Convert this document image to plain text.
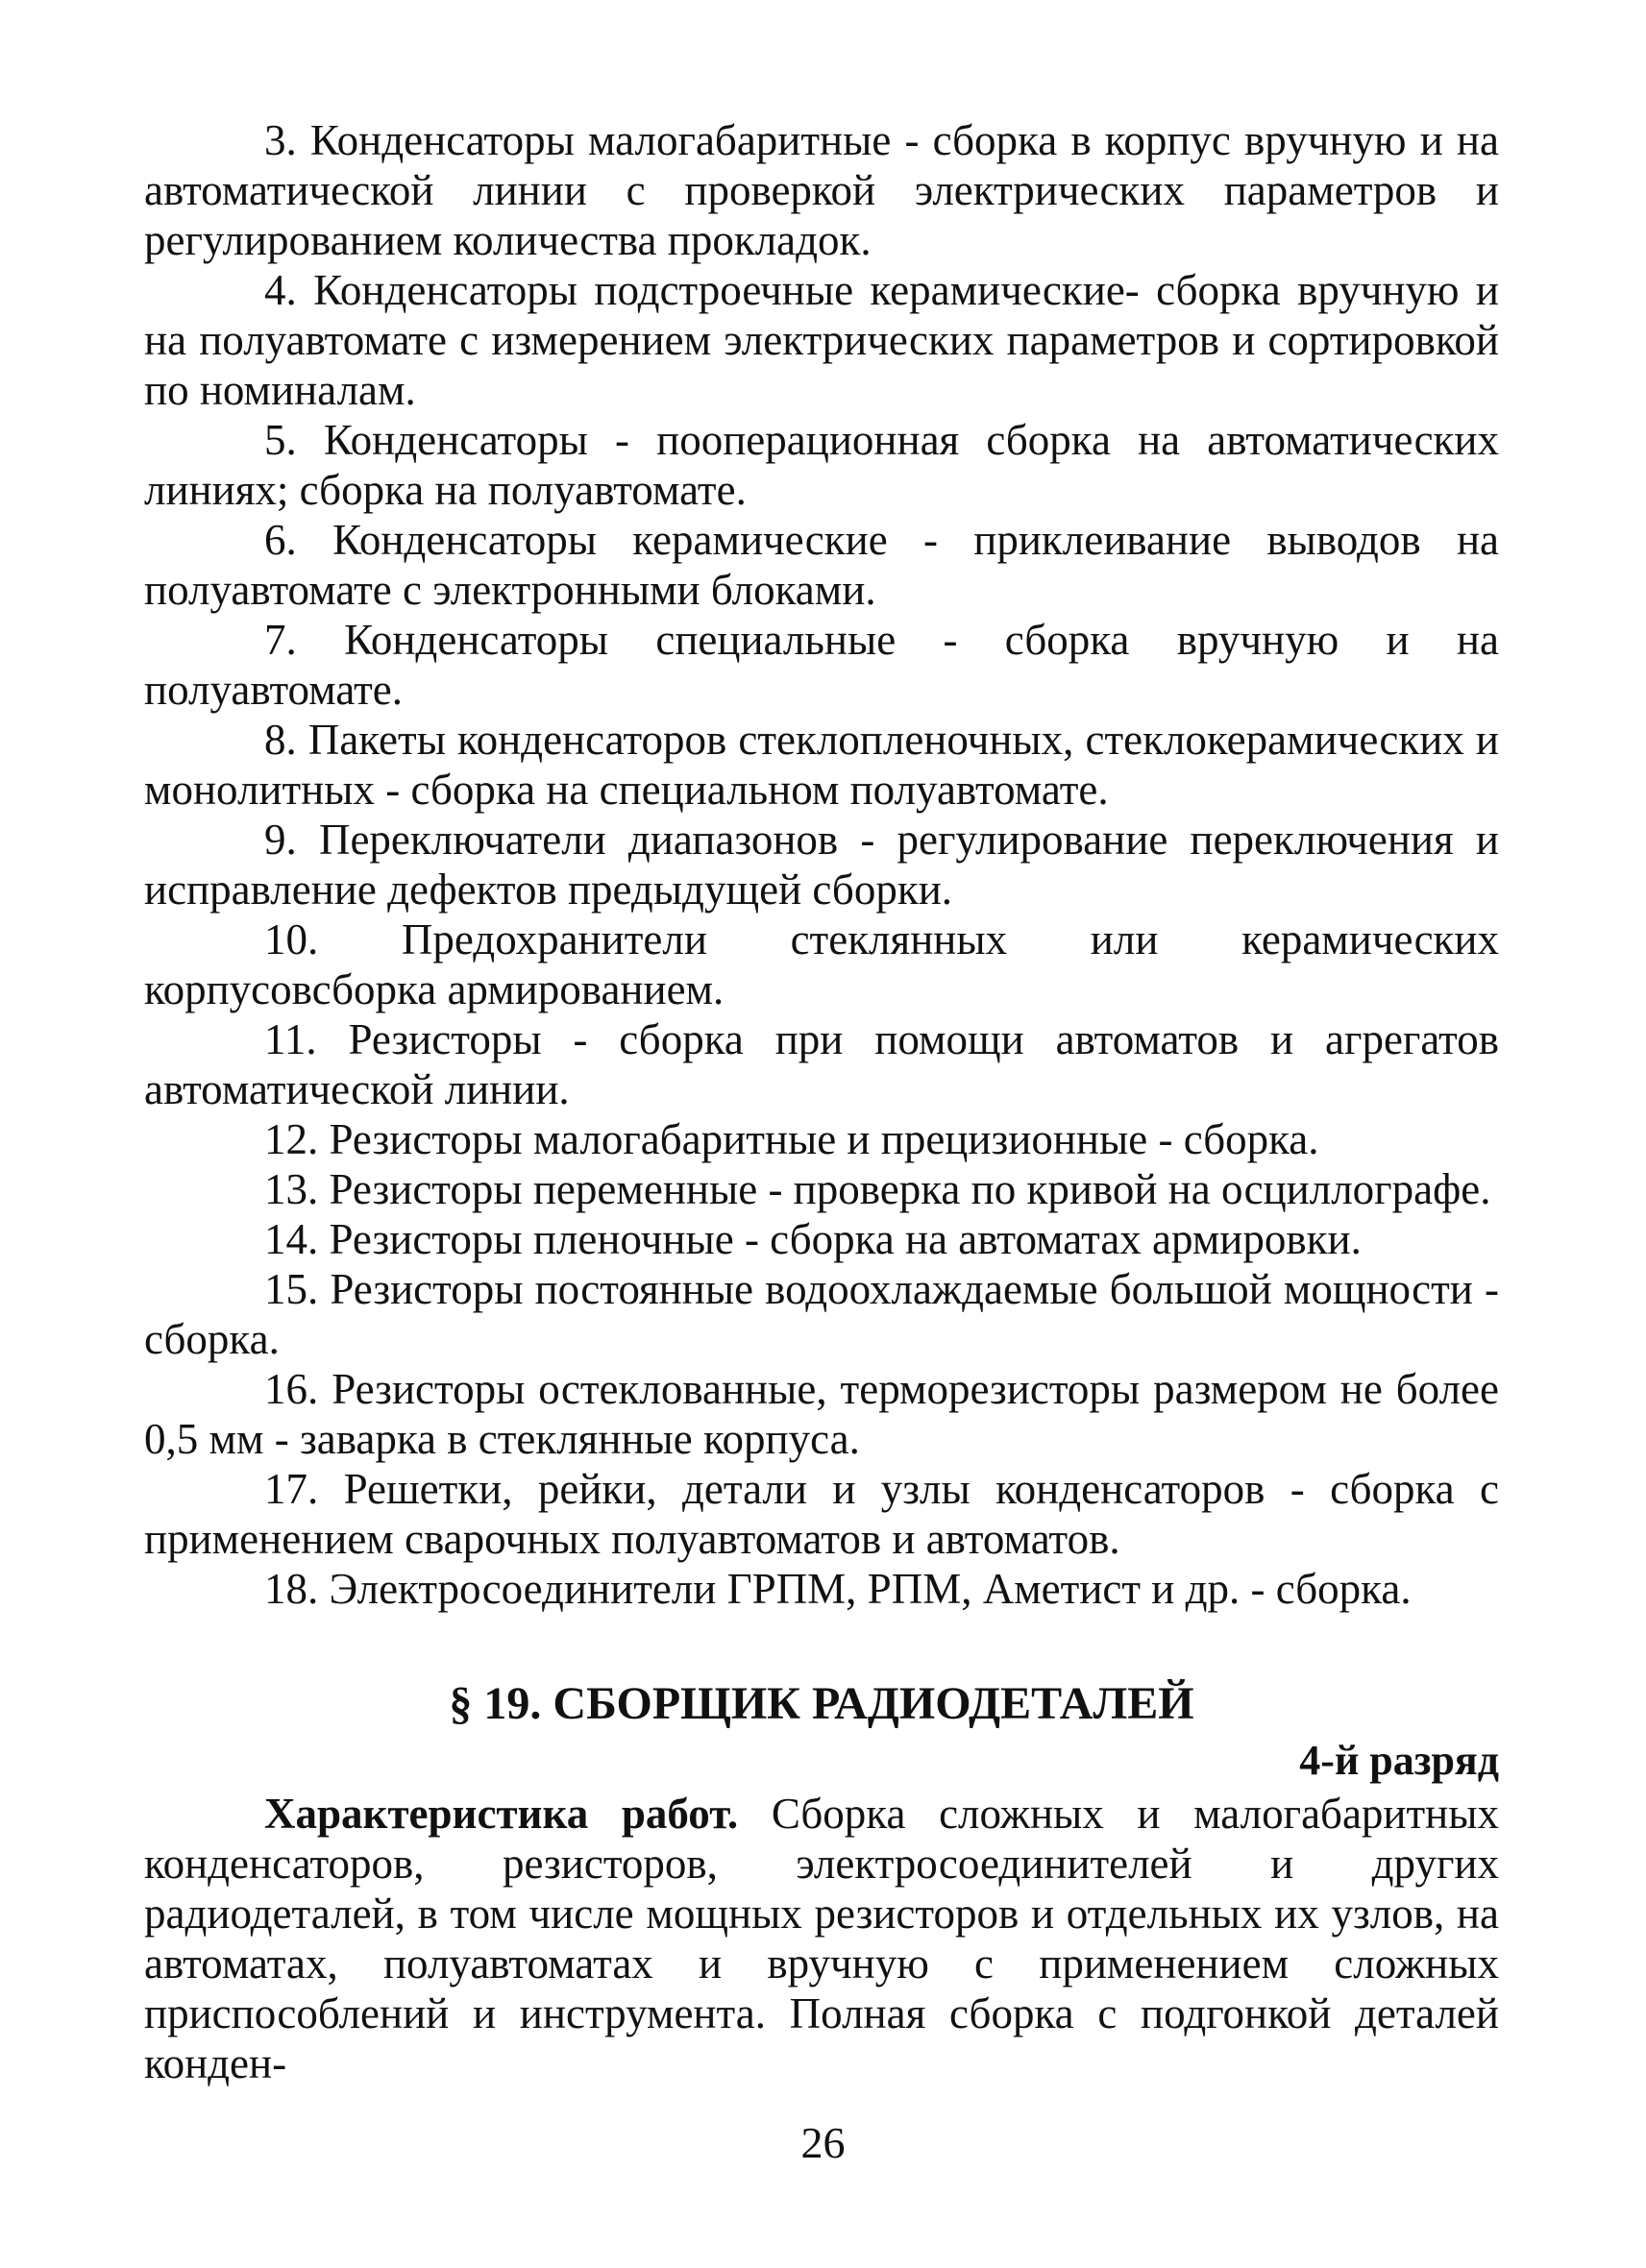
3. Конденсаторы малогабаритные - сборка в корпус вручную и на автоматической линии с проверкой электрических параметров и регулированием количества прокладок.

4. Конденсаторы подстроечные керамические- сборка вручную и на полуавтомате с измерением электрических параметров и сортировкой по номиналам.

5. Конденсаторы - пооперационная сборка на автоматических линиях; сборка на полуавтомате.

6. Конденсаторы керамические - приклеивание выводов на полуавтомате с электронными блоками.

7. Конденсаторы специальные - сборка вручную и на полуавтомате.

8. Пакеты конденсаторов стеклопленочных, стеклокерамических и монолитных - сборка на специальном полуавтомате.

9. Переключатели диапазонов - регулирование переключения и исправление дефектов предыдущей сборки.

10. Предохранители стеклянных или керамических корпусовсборка армированием.

11. Резисторы - сборка при помощи автоматов и агрегатов автоматической линии.

12. Резисторы малогабаритные и прецизионные - сборка.

13. Резисторы переменные - проверка по кривой на осциллографе.

14. Резисторы пленочные - сборка на автоматах армировки.

15. Резисторы постоянные водоохлаждаемые большой мощности - сборка.

16. Резисторы остеклованные, терморезисторы размером не более 0,5 мм - заварка в стеклянные корпуса.

17. Решетки, рейки, детали и узлы конденсаторов - сборка с применением сварочных полуавтоматов и автоматов.

18. Электросоединители ГРПМ, РПМ, Аметист и др. - сборка.

§ 19. СБОРЩИК РАДИОДЕТАЛЕЙ

4-й разряд

Характеристика работ. Сборка сложных и малогабаритных конденсаторов, резисторов, электросоединителей и других радиодеталей, в том числе мощных резисторов и отдельных их узлов, на автоматах, полуавтоматах и вручную с применением сложных приспособлений и инструмента. Полная сборка с подгонкой деталей конден-

26
